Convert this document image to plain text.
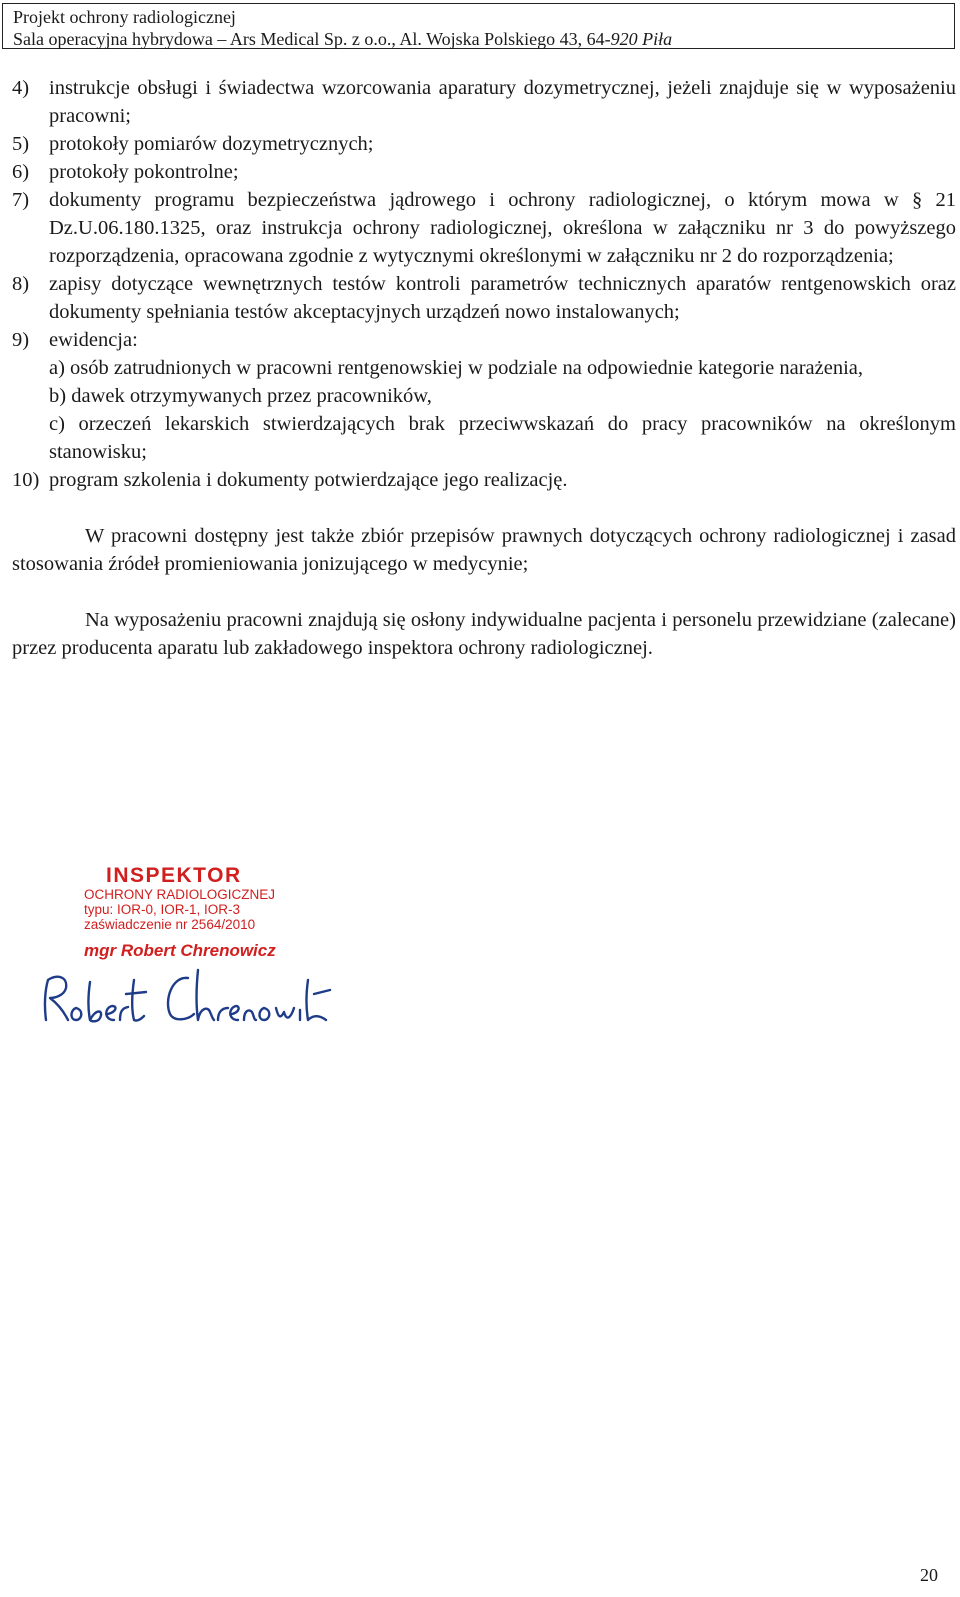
Projekt ochrony radiologicznej
Sala operacyjna hybrydowa – Ars Medical Sp. z o.o., Al. Wojska Polskiego 43, 64-920 Piła
4) instrukcje obsługi i świadectwa wzorcowania aparatury dozymetrycznej, jeżeli znajduje się w wyposażeniu pracowni;
5) protokoły pomiarów dozymetrycznych;
6) protokoły pokontrolne;
7) dokumenty programu bezpieczeństwa jądrowego i ochrony radiologicznej, o którym mowa w § 21 Dz.U.06.180.1325, oraz instrukcja ochrony radiologicznej, określona w załączniku nr 3 do powyższego rozporządzenia, opracowana zgodnie z wytycznymi określonymi w załączniku nr 2 do rozporządzenia;
8) zapisy dotyczące wewnętrznych testów kontroli parametrów technicznych aparatów rentgenowskich oraz dokumenty spełniania testów akceptacyjnych urządzeń nowo instalowanych;
9) ewidencja:
a) osób zatrudnionych w pracowni rentgenowskiej w podziale na odpowiednie kategorie narażenia,
b) dawek otrzymywanych przez pracowników,
c) orzeczeń lekarskich stwierdzających brak przeciwwskazań do pracy pracowników na określonym stanowisku;
10) program szkolenia i dokumenty potwierdzające jego realizację.

W pracowni dostępny jest także zbiór przepisów prawnych dotyczących ochrony radiologicznej i zasad stosowania źródeł promieniowania jonizującego w medycynie;

Na wyposażeniu pracowni znajdują się osłony indywidualne pacjenta i personelu przewidziane (zalecane) przez producenta aparatu lub zakładowego inspektora ochrony radiologicznej.

INSPEKTOR
OCHRONY RADIOLOGICZNEJ
typu: IOR-0, IOR-1, IOR-3
zaświadczenie nr 2564/2010
mgr Robert Chrenowicz
20
